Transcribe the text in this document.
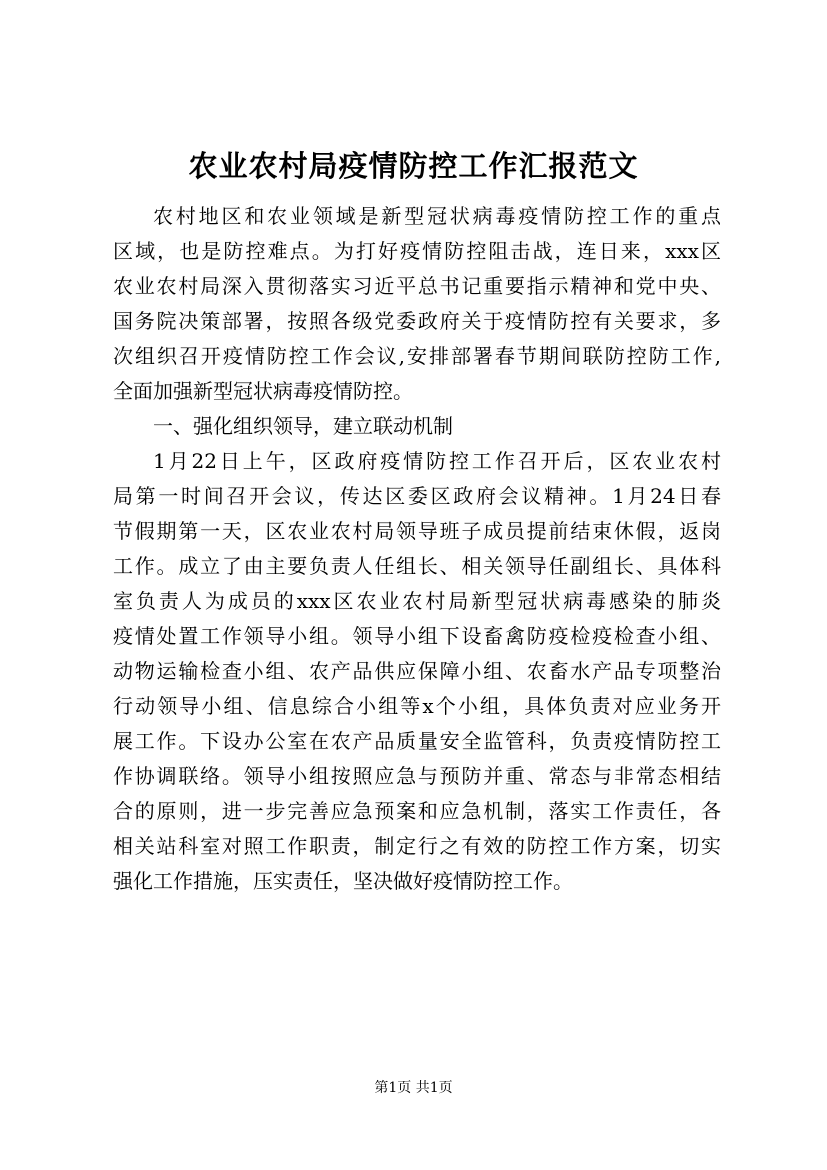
农业农村局疫情防控工作汇报范文
农村地区和农业领域是新型冠状病毒疫情防控工作的重点
区域，也是防控难点。为打好疫情防控阻击战，连日来，xxx区
农业农村局深入贯彻落实习近平总书记重要指示精神和党中央、
国务院决策部署，按照各级党委政府关于疫情防控有关要求，多
次组织召开疫情防控工作会议,安排部署春节期间联防控防工作,
全面加强新型冠状病毒疫情防控。
一、强化组织领导，建立联动机制
1月22日上午，区政府疫情防控工作召开后，区农业农村
局第一时间召开会议，传达区委区政府会议精神。1月24日春
节假期第一天，区农业农村局领导班子成员提前结束休假，返岗
工作。成立了由主要负责人任组长、相关领导任副组长、具体科
室负责人为成员的xxx区农业农村局新型冠状病毒感染的肺炎
疫情处置工作领导小组。领导小组下设畜禽防疫检疫检查小组、
动物运输检查小组、农产品供应保障小组、农畜水产品专项整治
行动领导小组、信息综合小组等x个小组，具体负责对应业务开
展工作。下设办公室在农产品质量安全监管科，负责疫情防控工
作协调联络。领导小组按照应急与预防并重、常态与非常态相结
合的原则，进一步完善应急预案和应急机制，落实工作责任，各
相关站科室对照工作职责，制定行之有效的防控工作方案，切实
强化工作措施，压实责任，坚决做好疫情防控工作。
第1页 共1页
